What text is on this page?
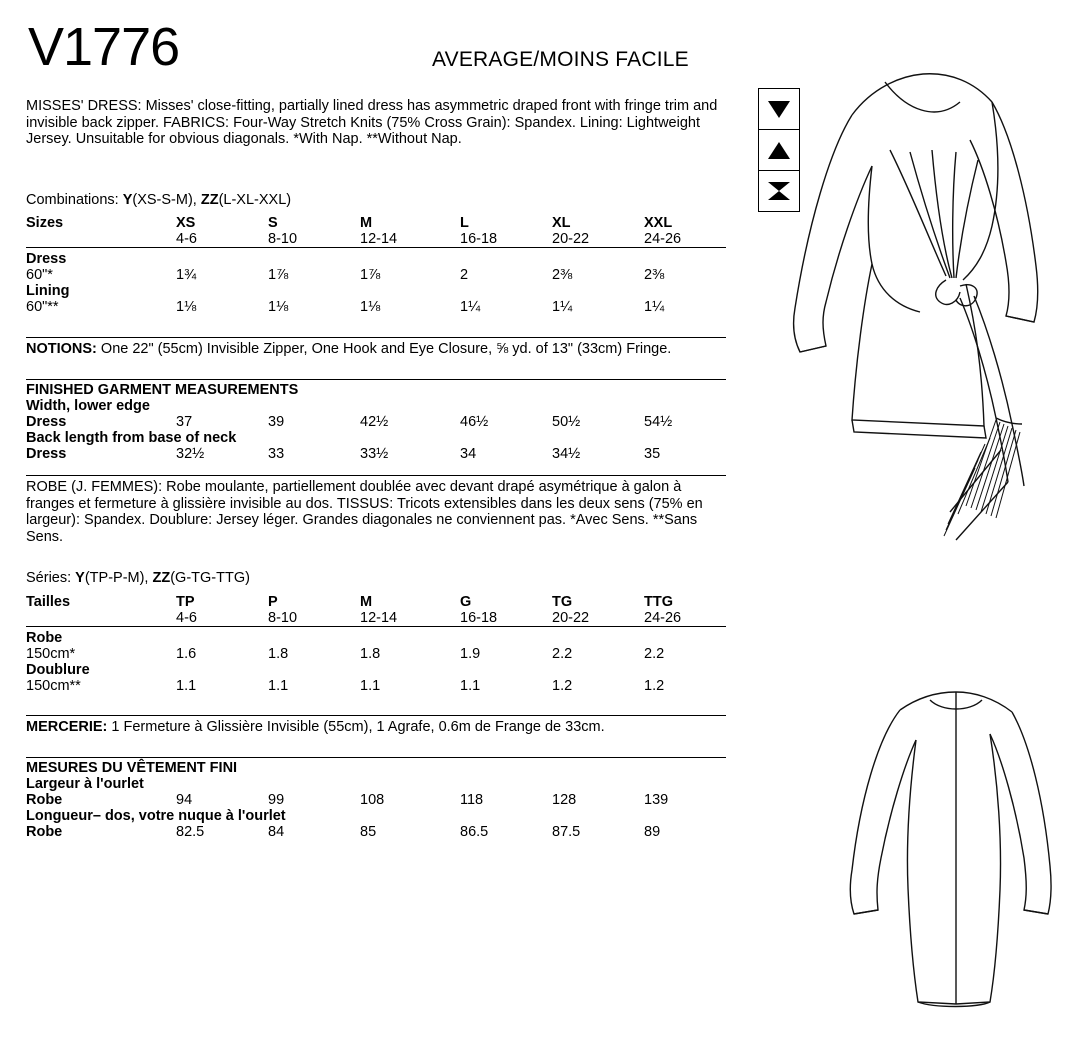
V1776	AVERAGE/MOINS FACILE
MISSES' DRESS: Misses' close-fitting, partially lined dress has asymmetric draped front with fringe trim and invisible back zipper. FABRICS: Four-Way Stretch Knits (75% Cross Grain): Spandex. Lining: Lightweight Jersey. Unsuitable for obvious diagonals. *With Nap. **Without Nap.
Combinations: Y(XS-S-M), ZZ(L-XL-XXL)
Sizes	XS	S	M	L	XL	XXL
	4-6	8-10	12-14	16-18	20-22	24-26
Dress						
60"*	1¾	1⅞	1⅞	2	2⅜	2⅜
Lining						
60"**	1⅛	1⅛	1⅛	1¼	1¼	1¼
NOTIONS: One 22" (55cm) Invisible Zipper, One Hook and Eye Closure, ⅝ yd. of 13" (33cm) Fringe.
FINISHED GARMENT MEASUREMENTS
Width, lower edge
Dress	37	39	42½	46½	50½	54½
Back length from base of neck
Dress	32½	33	33½	34	34½	35
ROBE (J. FEMMES): Robe moulante, partiellement doublée avec devant drapé asymétrique à galon à franges et fermeture à glissière invisible au dos. TISSUS: Tricots extensibles dans les deux sens (75% en largeur): Spandex. Doublure: Jersey léger. Grandes diagonales ne conviennent pas. *Avec Sens. **Sans Sens.
Séries: Y(TP-P-M), ZZ(G-TG-TTG)
Tailles	TP	P	M	G	TG	TTG
	4-6	8-10	12-14	16-18	20-22	24-26
Robe						
150cm*	1.6	1.8	1.8	1.9	2.2	2.2
Doublure						
150cm**	1.1	1.1	1.1	1.1	1.2	1.2
MERCERIE: 1 Fermeture à Glissière Invisible (55cm), 1 Agrafe, 0.6m de Frange de 33cm.
MESURES DU VÊTEMENT FINI
Largeur à l'ourlet
Robe	94	99	108	118	128	139
Longueur– dos, votre nuque à l'ourlet
Robe	82.5	84	85	86.5	87.5	89
